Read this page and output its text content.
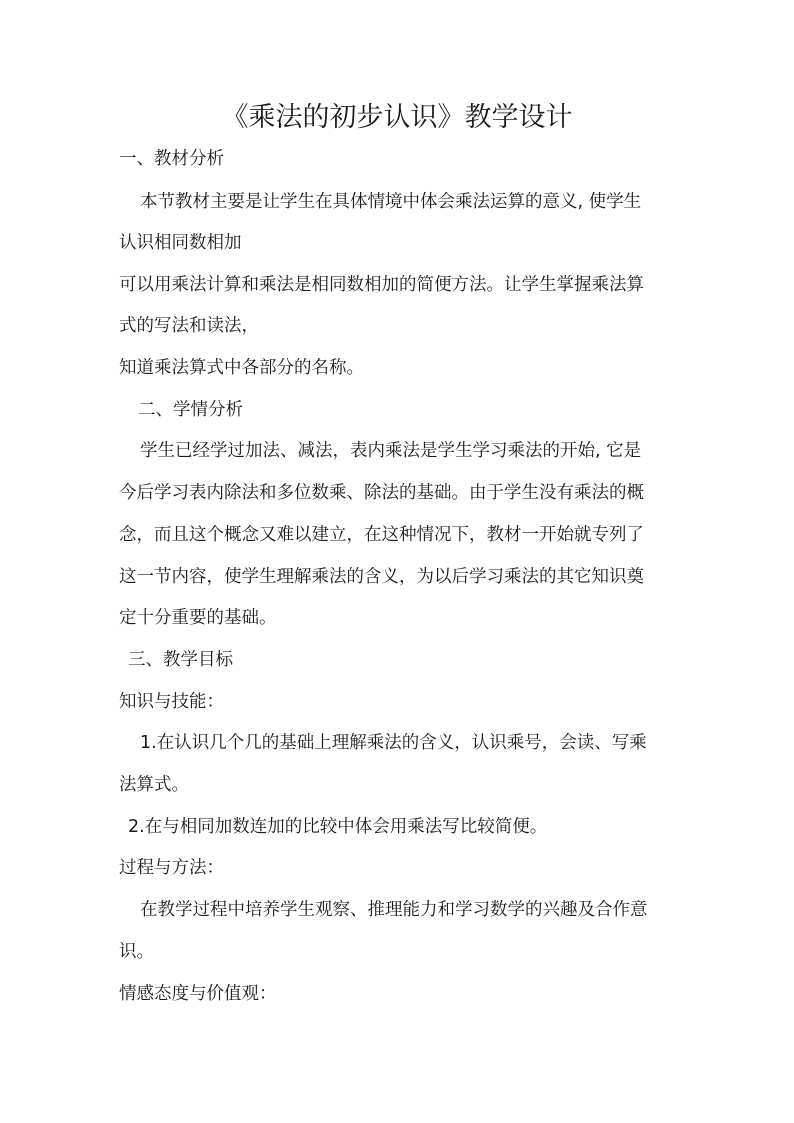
《乘法的初步认识》教学设计
一、教材分析
本节教材主要是让学生在具体情境中体会乘法运算的意义, 使学生
认识相同数相加
可以用乘法计算和乘法是相同数相加的简便方法。让学生掌握乘法算
式的写法和读法，
知道乘法算式中各部分的名称。
二、学情分析
学生已经学过加法、减法，表内乘法是学生学习乘法的开始, 它是
今后学习表内除法和多位数乘、除法的基础。由于学生没有乘法的概
念，而且这个概念又难以建立，在这种情况下，教材一开始就专列了
这一节内容，使学生理解乘法的含义，为以后学习乘法的其它知识奠
定十分重要的基础。
三、教学目标
知识与技能：
1.在认识几个几的基础上理解乘法的含义，认识乘号，会读、写乘
法算式。
2.在与相同加数连加的比较中体会用乘法写比较简便。
过程与方法：
在教学过程中培养学生观察、推理能力和学习数学的兴趣及合作意
识。
情感态度与价值观：
